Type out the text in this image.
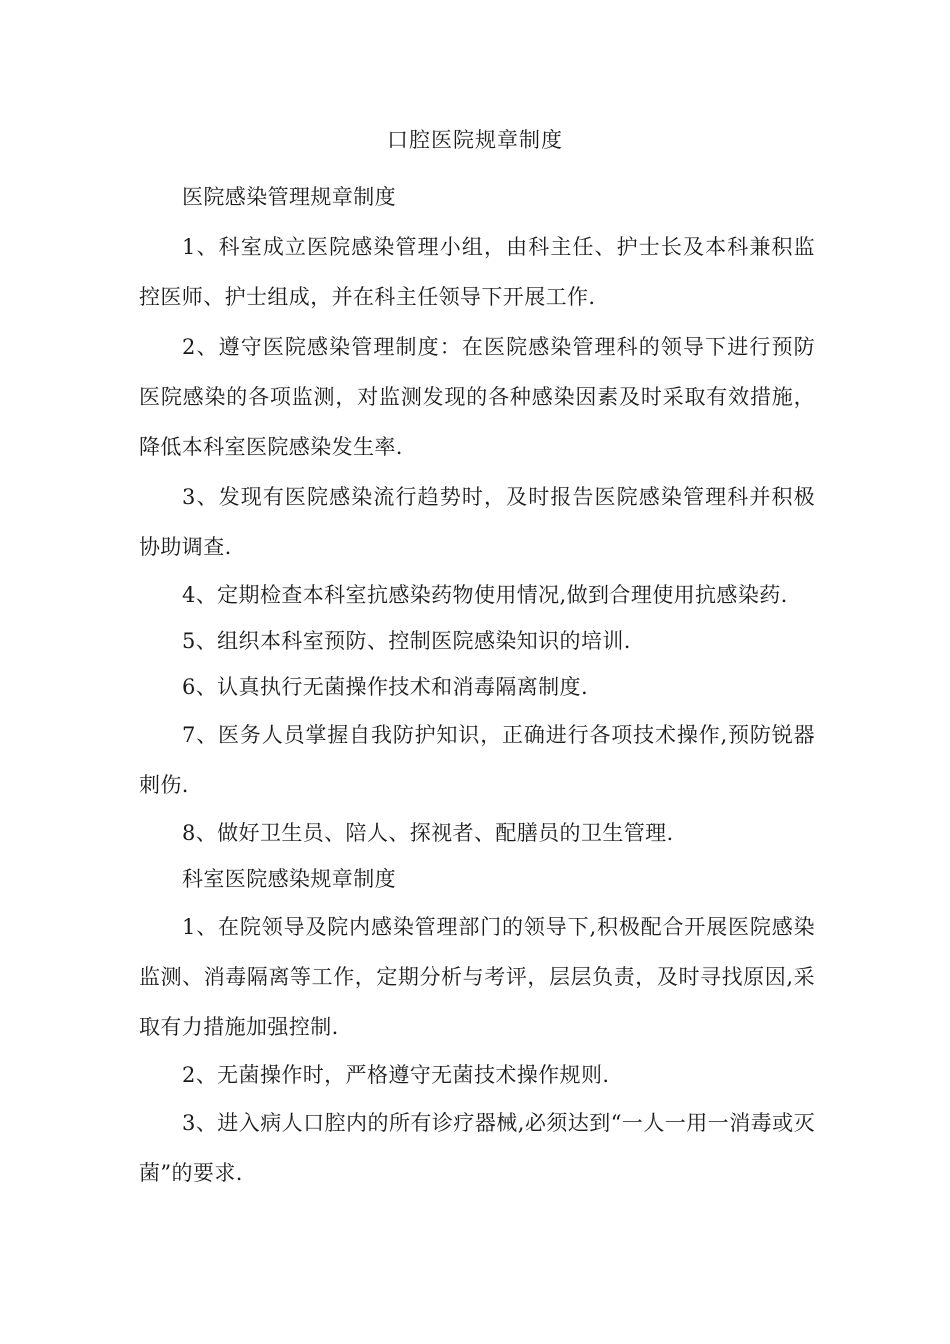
口腔医院规章制度

医院感染管理规章制度

1、科室成立医院感染管理小组，由科主任、护士长及本科兼积监控医师、护士组成，并在科主任领导下开展工作.

2、遵守医院感染管理制度：在医院感染管理科的领导下进行预防医院感染的各项监测，对监测发现的各种感染因素及时采取有效措施，降低本科室医院感染发生率.

3、发现有医院感染流行趋势时，及时报告医院感染管理科并积极协助调查.

4、定期检查本科室抗感染药物使用情况,做到合理使用抗感染药.

5、组织本科室预防、控制医院感染知识的培训.

6、认真执行无菌操作技术和消毒隔离制度.

7、医务人员掌握自我防护知识，正确进行各项技术操作,预防锐器刺伤.

8、做好卫生员、陪人、探视者、配膳员的卫生管理.

科室医院感染规章制度

1、在院领导及院内感染管理部门的领导下,积极配合开展医院感染监测、消毒隔离等工作，定期分析与考评，层层负责，及时寻找原因,采取有力措施加强控制.

2、无菌操作时，严格遵守无菌技术操作规则.

3、进入病人口腔内的所有诊疗器械,必须达到“一人一用一消毒或灭菌”的要求.
